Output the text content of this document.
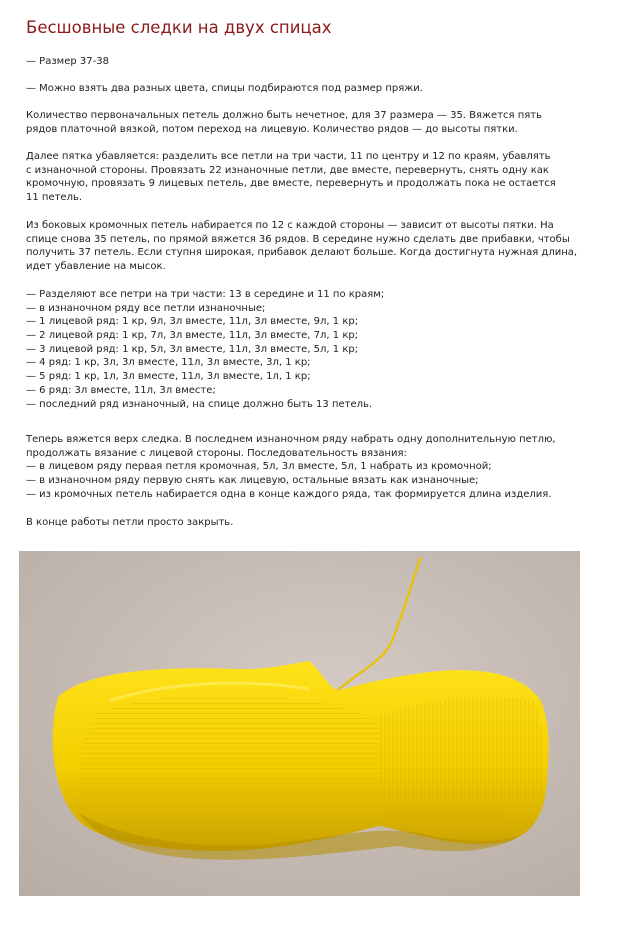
Бесшовные следки на двух спицах
— Размер 37-38
— Можно взять два разных цвета, спицы подбираются под размер пряжи.
Количество первоначальных петель должно быть нечетное, для 37 размера — 35. Вяжется пять
рядов платочной вязкой, потом переход на лицевую. Количество рядов — до высоты пятки.
Далее пятка убавляется: разделить все петли на три части, 11 по центру и 12 по краям, убавлять
с изнаночной стороны. Провязать 22 изнаночные петли, две вместе, перевернуть, снять одну как
кромочную, провязать 9 лицевых петель, две вместе, перевернуть и продолжать пока не остается
11 петель.
Из боковых кромочных петель набирается по 12 с каждой стороны — зависит от высоты пятки. На
спице снова 35 петель, по прямой вяжется 36 рядов. В середине нужно сделать две прибавки, чтобы
получить 37 петель. Если ступня широкая, прибавок делают больше. Когда достигнута нужная длина,
идет убавление на мысок.
— Разделяют все петри на три части: 13 в середине и 11 по краям;
— в изнаночном ряду все петли изнаночные;
— 1 лицевой ряд: 1 кр, 9л, 3л вместе, 11л, 3л вместе, 9л, 1 кр;
— 2 лицевой ряд: 1 кр, 7л, 3л вместе, 11л, 3л вместе, 7л, 1 кр;
— 3 лицевой ряд: 1 кр, 5л, 3л вместе, 11л, 3л вместе, 5л, 1 кр;
— 4 ряд: 1 кр, 3л, 3л вместе, 11л, 3л вместе, 3л, 1 кр;
— 5 ряд: 1 кр, 1л, 3л вместе, 11л, 3л вместе, 1л, 1 кр;
— 6 ряд: 3л вместе, 11л, 3л вместе;
— последний ряд изнаночный, на спице должно быть 13 петель.
Теперь вяжется верх следка. В последнем изнаночном ряду набрать одну дополнительную петлю,
продолжать вязание с лицевой стороны. Последовательность вязания:
— в лицевом ряду первая петля кромочная, 5л, 3л вместе, 5л, 1 набрать из кромочной;
— в изнаночном ряду первую снять как лицевую, остальные вязать как изнаночные;
— из кромочных петель набирается одна в конце каждого ряда, так формируется длина изделия.
В конце работы петли просто закрыть.
